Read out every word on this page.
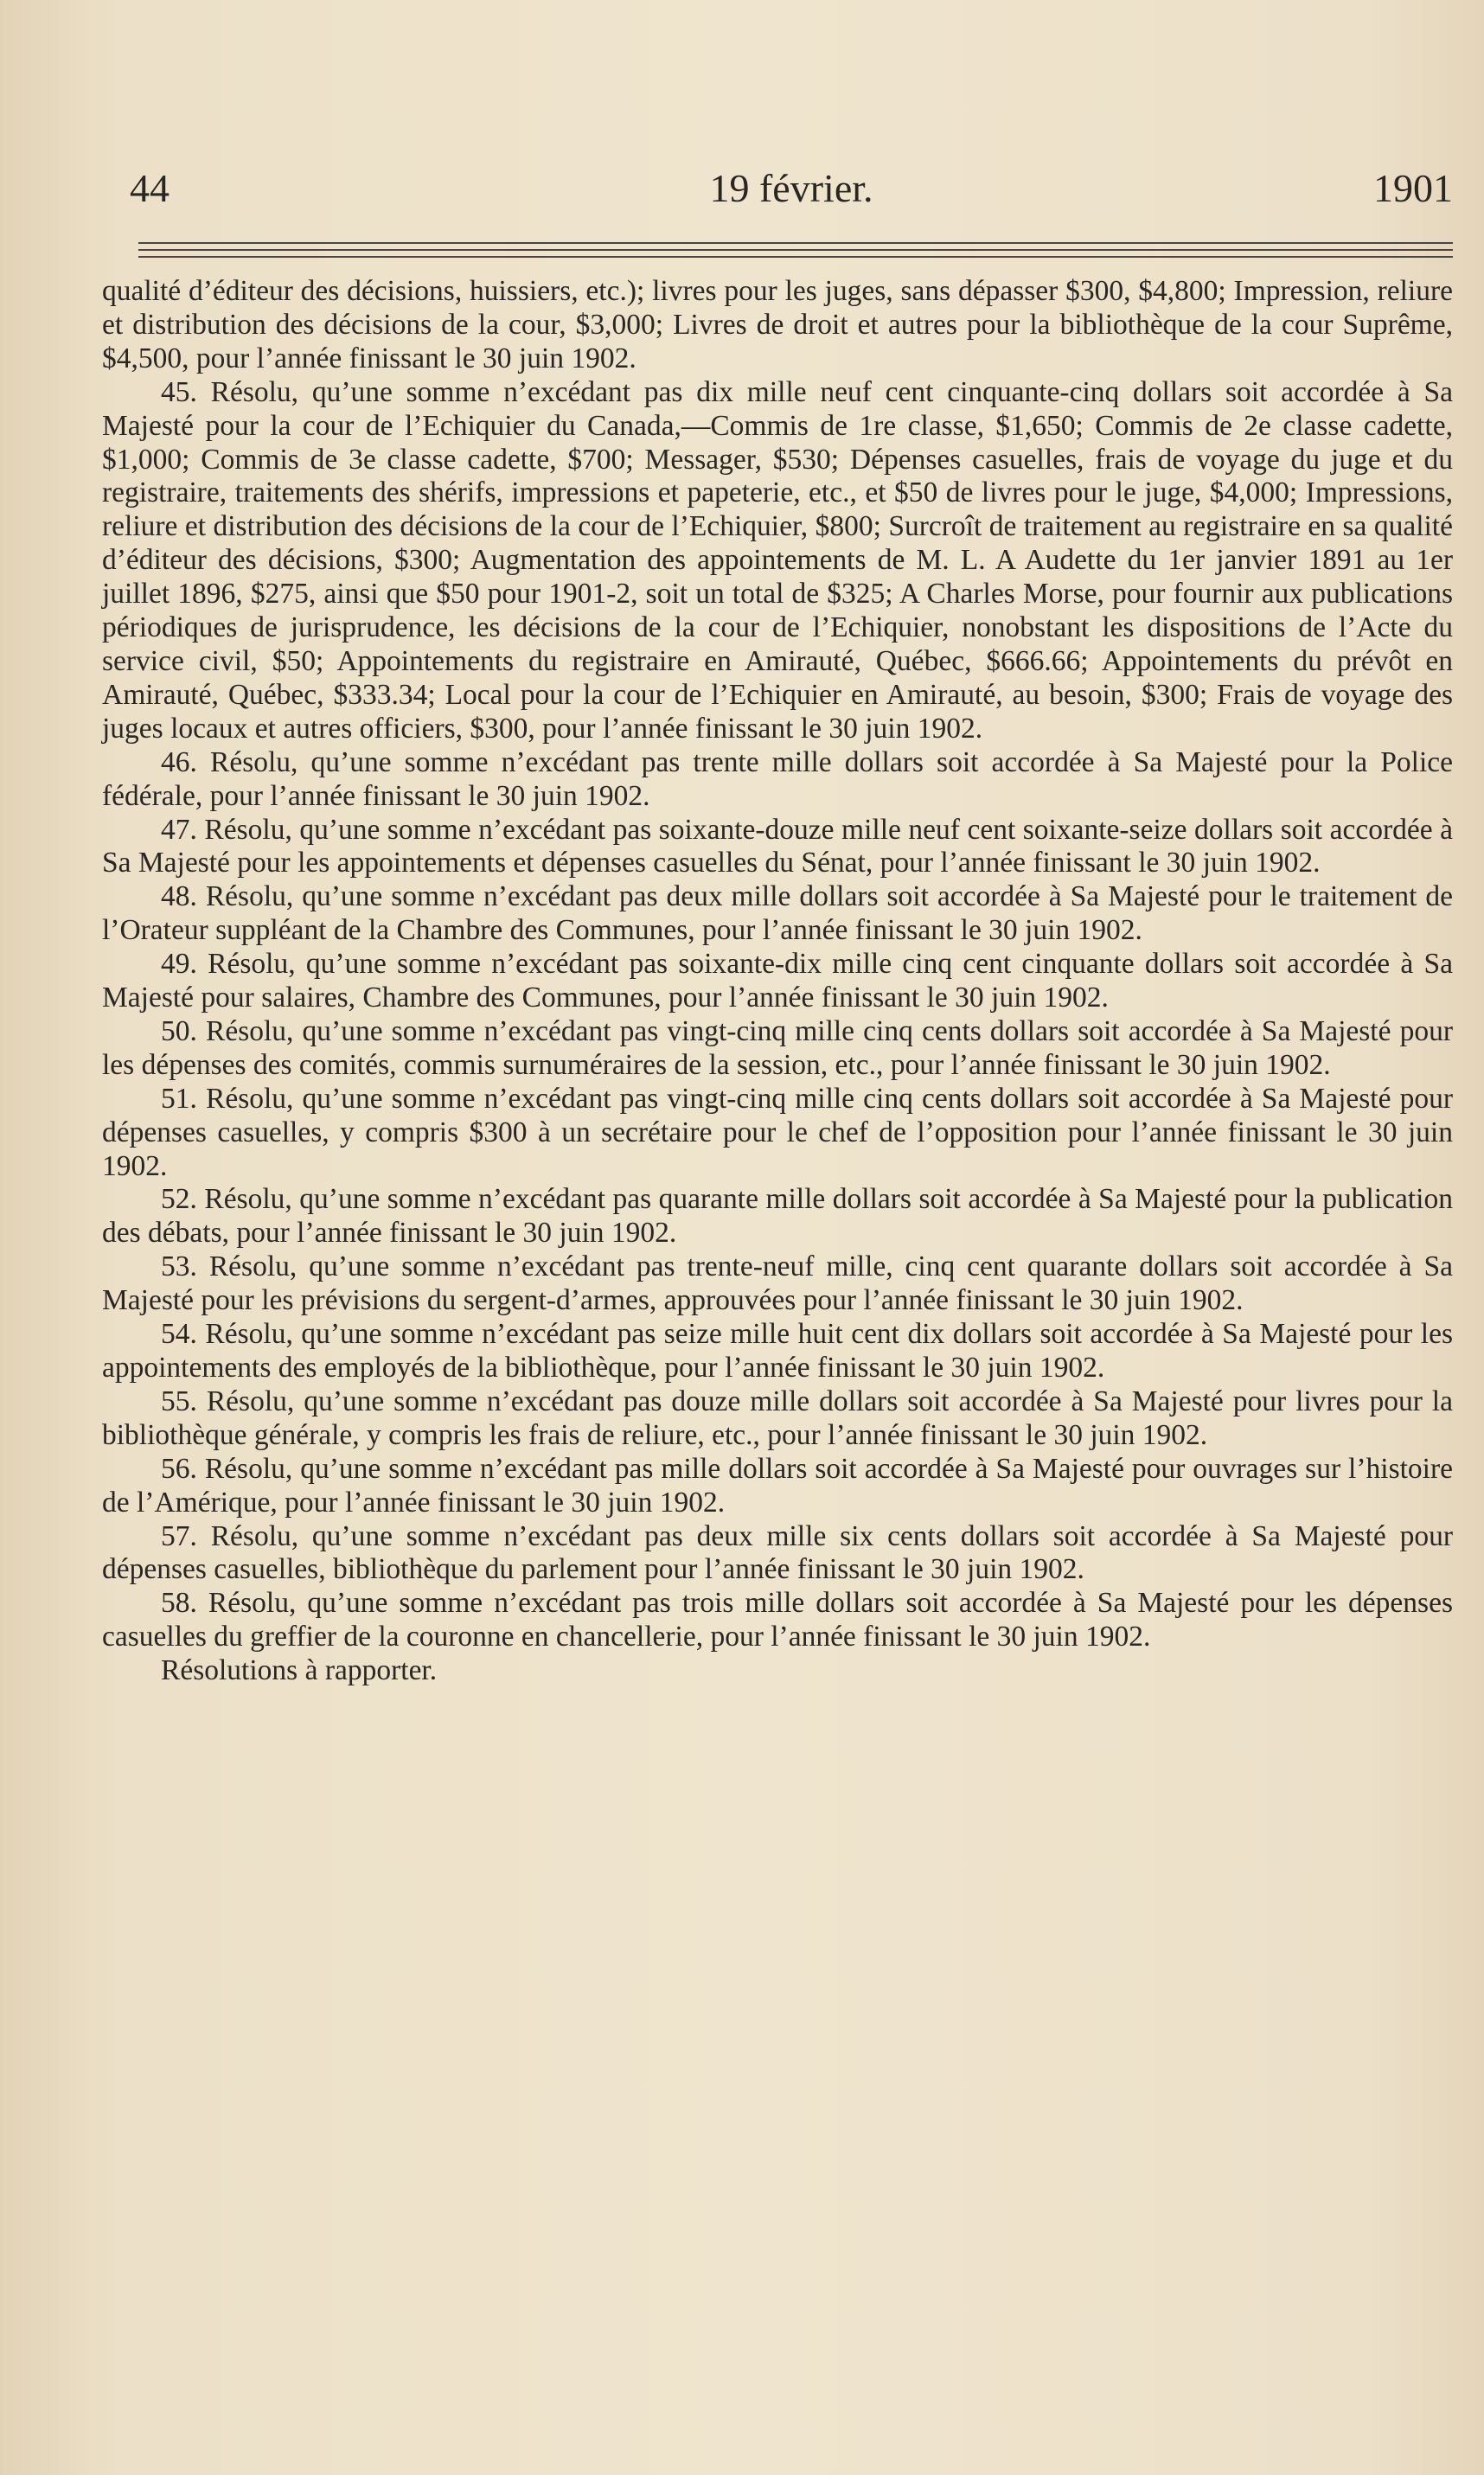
44	19 février.	1901

qualité d’éditeur des décisions, huissiers, etc.); livres pour les juges, sans dépasser $300, $4,800; Impression, reliure et distribution des décisions de la cour, $3,000; Livres de droit et autres pour la bibliothèque de la cour Suprême, $4,500, pour l’année finissant le 30 juin 1902.

45. Résolu, qu’une somme n’excédant pas dix mille neuf cent cinquante-cinq dollars soit accordée à Sa Majesté pour la cour de l’Echiquier du Canada,—Commis de 1re classe, $1,650; Commis de 2e classe cadette, $1,000; Commis de 3e classe cadette, $700; Messager, $530; Dépenses casuelles, frais de voyage du juge et du registraire, traitements des shérifs, impressions et papeterie, etc., et $50 de livres pour le juge, $4,000; Impressions, reliure et distribution des décisions de la cour de l’Echiquier, $800; Surcroît de traitement au registraire en sa qualité d’éditeur des décisions, $300; Augmentation des appointements de M. L. A Audette du 1er janvier 1891 au 1er juillet 1896, $275, ainsi que $50 pour 1901-2, soit un total de $325; A Charles Morse, pour fournir aux publications périodiques de jurisprudence, les décisions de la cour de l’Echiquier, nonobstant les dispositions de l’Acte du service civil, $50; Appointements du registraire en Amirauté, Québec, $666.66; Appointements du prévôt en Amirauté, Québec, $333.34; Local pour la cour de l’Echiquier en Amirauté, au besoin, $300; Frais de voyage des juges locaux et autres officiers, $300, pour l’année finissant le 30 juin 1902.

46. Résolu, qu’une somme n’excédant pas trente mille dollars soit accordée à Sa Majesté pour la Police fédérale, pour l’année finissant le 30 juin 1902.

47. Résolu, qu’une somme n’excédant pas soixante-douze mille neuf cent soixante-seize dollars soit accordée à Sa Majesté pour les appointements et dépenses casuelles du Sénat, pour l’année finissant le 30 juin 1902.

48. Résolu, qu’une somme n’excédant pas deux mille dollars soit accordée à Sa Majesté pour le traitement de l’Orateur suppléant de la Chambre des Communes, pour l’année finissant le 30 juin 1902.

49. Résolu, qu’une somme n’excédant pas soixante-dix mille cinq cent cinquante dollars soit accordée à Sa Majesté pour salaires, Chambre des Communes, pour l’année finissant le 30 juin 1902.

50. Résolu, qu’une somme n’excédant pas vingt-cinq mille cinq cents dollars soit accordée à Sa Majesté pour les dépenses des comités, commis surnuméraires de la session, etc., pour l’année finissant le 30 juin 1902.

51. Résolu, qu’une somme n’excédant pas vingt-cinq mille cinq cents dollars soit accordée à Sa Majesté pour dépenses casuelles, y compris $300 à un secrétaire pour le chef de l’opposition pour l’année finissant le 30 juin 1902.

52. Résolu, qu’une somme n’excédant pas quarante mille dollars soit accordée à Sa Majesté pour la publication des débats, pour l’année finissant le 30 juin 1902.

53. Résolu, qu’une somme n’excédant pas trente-neuf mille, cinq cent quarante dollars soit accordée à Sa Majesté pour les prévisions du sergent-d’armes, approuvées pour l’année finissant le 30 juin 1902.

54. Résolu, qu’une somme n’excédant pas seize mille huit cent dix dollars soit accordée à Sa Majesté pour les appointements des employés de la bibliothèque, pour l’année finissant le 30 juin 1902.

55. Résolu, qu’une somme n’excédant pas douze mille dollars soit accordée à Sa Majesté pour livres pour la bibliothèque générale, y compris les frais de reliure, etc., pour l’année finissant le 30 juin 1902.

56. Résolu, qu’une somme n’excédant pas mille dollars soit accordée à Sa Majesté pour ouvrages sur l’histoire de l’Amérique, pour l’année finissant le 30 juin 1902.

57. Résolu, qu’une somme n’excédant pas deux mille six cents dollars soit accordée à Sa Majesté pour dépenses casuelles, bibliothèque du parlement pour l’année finissant le 30 juin 1902.

58. Résolu, qu’une somme n’excédant pas trois mille dollars soit accordée à Sa Majesté pour les dépenses casuelles du greffier de la couronne en chancellerie, pour l’année finissant le 30 juin 1902.

Résolutions à rapporter.
